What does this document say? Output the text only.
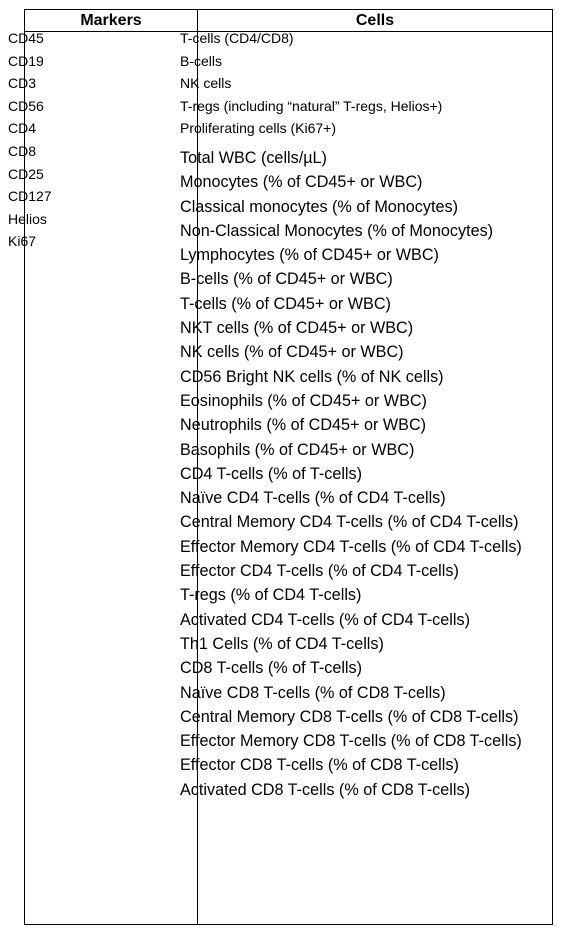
Markers	Cells
CD45
CD19
CD3
CD56
CD4
CD8
CD25
CD127
Helios
Ki67
T-cells (CD4/CD8)
B-cells
NK cells
T-regs (including “natural” T-regs, Helios+)
Proliferating cells (Ki67+)
Total WBC (cells/µL)
Monocytes (% of CD45+ or WBC)
Classical monocytes (% of Monocytes)
Non-Classical Monocytes (% of Monocytes)
Lymphocytes (% of CD45+ or WBC)
B-cells (% of CD45+ or WBC)
T-cells (% of CD45+ or WBC)
NKT cells (% of CD45+ or WBC)
NK cells (% of CD45+ or WBC)
CD56 Bright NK cells (% of NK cells)
Eosinophils (% of CD45+ or WBC)
Neutrophils (% of CD45+ or WBC)
Basophils (% of CD45+ or WBC)
CD4 T-cells (% of T-cells)
Naïve CD4 T-cells (% of CD4 T-cells)
Central Memory CD4 T-cells (% of CD4 T-cells)
Effector Memory CD4 T-cells (% of CD4 T-cells)
Effector CD4 T-cells (% of CD4 T-cells)
T-regs (% of CD4 T-cells)
Activated CD4 T-cells (% of CD4 T-cells)
Th1 Cells (% of CD4 T-cells)
CD8 T-cells (% of T-cells)
Naïve CD8 T-cells (% of CD8 T-cells)
Central Memory CD8 T-cells (% of CD8 T-cells)
Effector Memory CD8 T-cells (% of CD8 T-cells)
Effector CD8 T-cells (% of CD8 T-cells)
Activated CD8 T-cells (% of CD8 T-cells)
